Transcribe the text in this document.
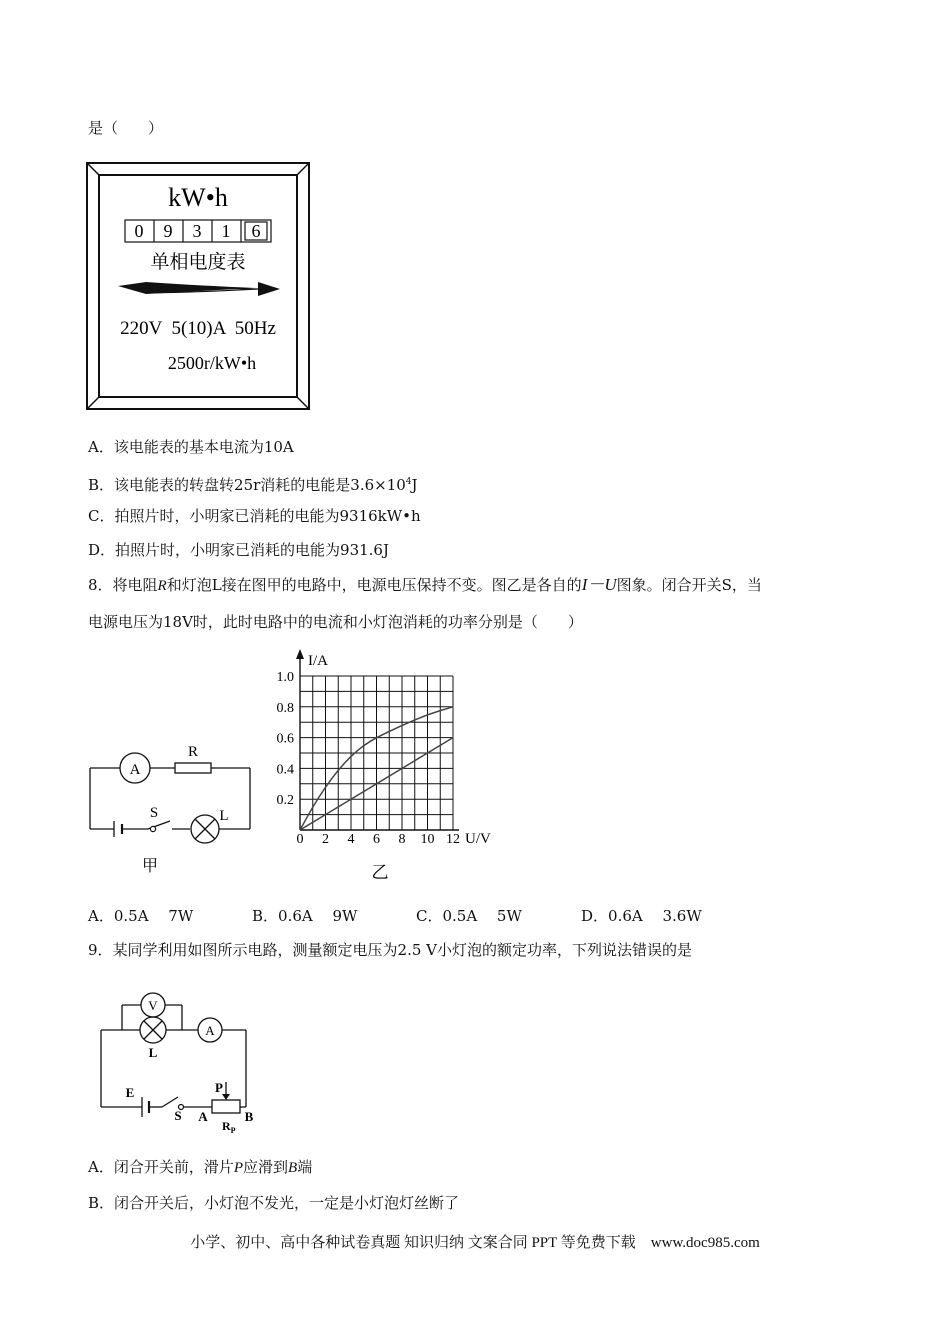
是（　　）
kW•h
0 9 3 1 6
单相电度表
220V  5(10)A  50Hz
2500r/kW•h
A．该电能表的基本电流为10A
B．该电能表的转盘转25r消耗的电能是$3.6\times 10^4J$
C．拍照片时，小明家已消耗的电能为9316kW•h
D．拍照片时，小明家已消耗的电能为931.6J
8．将电阻R和灯泡L接在图甲的电路中，电源电压保持不变。图乙是各自的I－U图象。闭合开关S，当
电源电压为18V时，此时电路中的电流和小灯泡消耗的功率分别是（　　）
A
R
S	L
甲
2 4 6 8 10 12
0.2
0.4
0.6
0.8
1.0
I/A
U/V
0
乙
A．0.5A　 7W	B．0.6A　 9W	C．0.5A　 5W	D．0.6A　 3.6W
9．某同学利用如图所示电路，测量额定电压为2.5 V小灯泡的额定功率，下列说法错误的是
V
A
L
E
S
P
A	B
$R_P$
A．闭合开关前，滑片P应滑到B端
B．闭合开关后，小灯泡不发光，一定是小灯泡灯丝断了
小学、初中、高中各种试卷真题 知识归纳 文案合同 PPT 等免费下载　www.doc985.com
